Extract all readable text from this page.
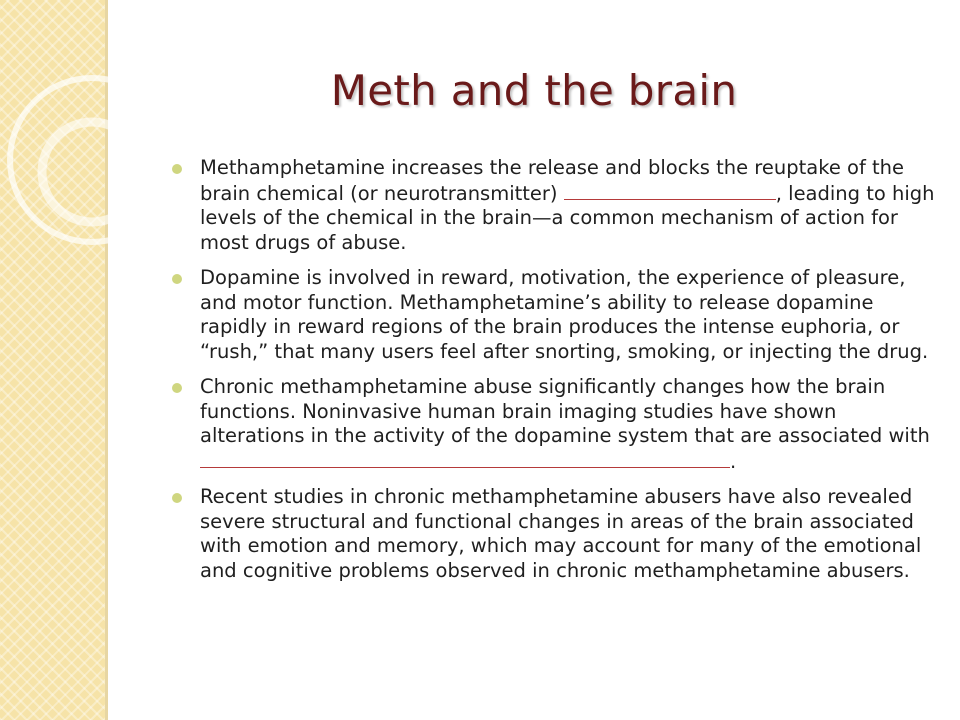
Meth and the brain
Methamphetamine increases the release and blocks the reuptake of the brain chemical (or neurotransmitter)	, leading to high levels of the chemical in the brain—a common mechanism of action for most drugs of abuse.
Dopamine is involved in reward, motivation, the experience of pleasure, and motor function. Methamphetamine’s ability to release dopamine rapidly in reward regions of the brain produces the intense euphoria, or “rush,” that many users feel after snorting, smoking, or injecting the drug.
Chronic methamphetamine abuse significantly changes how the brain functions. Noninvasive human brain imaging studies have shown alterations in the activity of the dopamine system that are associated with .
Recent studies in chronic methamphetamine abusers have also revealed severe structural and functional changes in areas of the brain associated with emotion and memory, which may account for many of the emotional and cognitive problems observed in chronic methamphetamine abusers.
